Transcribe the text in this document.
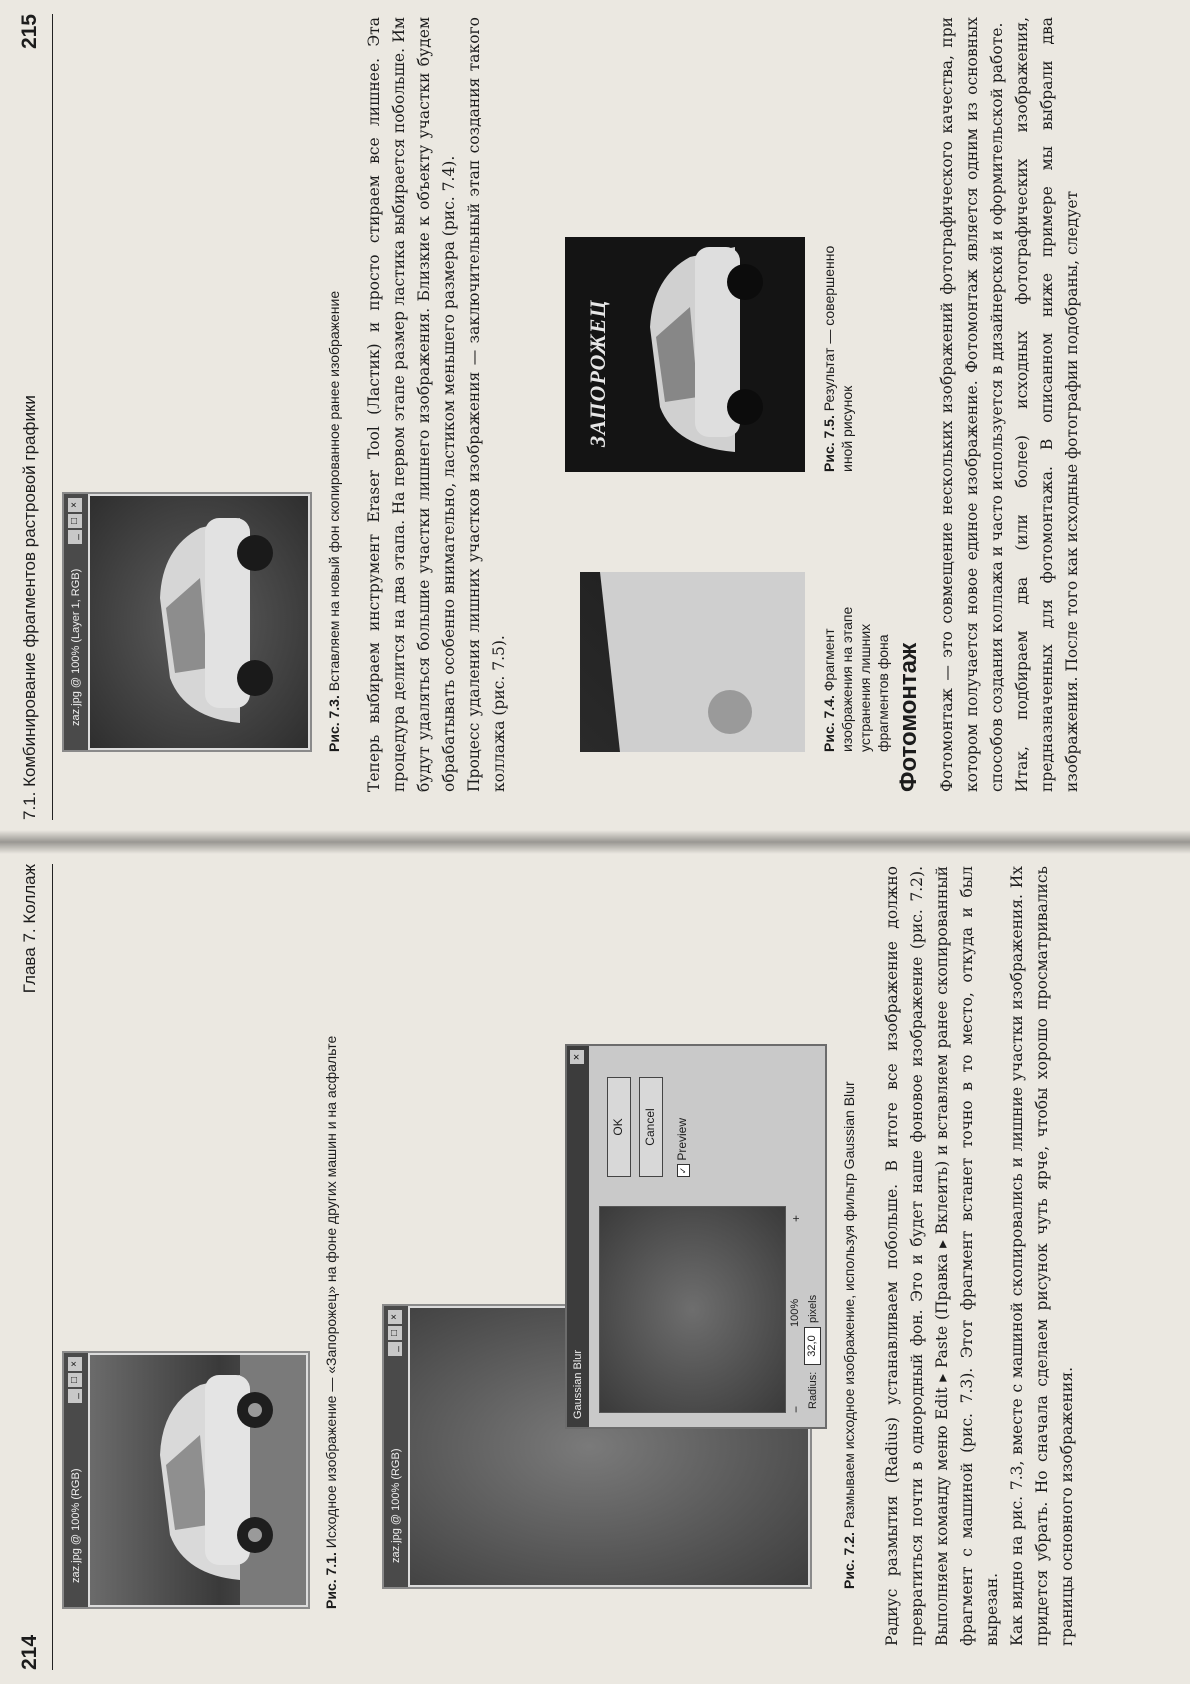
214
Глава 7. Коллаж
zaz.jpg @ 100% (RGB)
_
□
×
Рис. 7.1. Исходное изображение — «Запорожец» на фоне других машин и на асфальте	zaz.jpg @ 100% (RGB)
_
□
×
Gaussian Blur
×
−
100%
+
Radius:
32,0
pixels
OK	Cancel
✓ Preview
Рис. 7.2. Размываем исходное изображение, используя фильтр Gaussian Blur Радиус размытия (Radius) устанавливаем побольше. В итоге все изображение должно превратиться почти в однородный фон. Это и будет наше фоновое изображение (рис. 7.2). Выполняем команду меню Edit ▸ Paste (Правка ▸ Вклеить) и вставляем ранее скопированный фрагмент с машиной (рис. 7.3). Этот фрагмент встанет точно в то место, откуда и был вырезан. Как видно на рис. 7.3, вместе с машиной скопировались и лишние участки изображения. Их придется убрать. Но сначала сделаем рисунок чуть ярче, чтобы хорошо просматривались границы основного изображения.

7.1. Комбинирование фрагментов растровой графики
215
zaz.jpg @ 100% (Layer 1, RGB)
_
□
×
Рис. 7.3. Вставляем на новый фон скопированное ранее изображение Теперь выбираем инструмент Eraser Tool (Ластик) и просто стираем все лишнее. Эта процедура делится на два этапа. На первом этапе размер ластика выбирается побольше. Им будут удаляться большие участки лишнего изображения. Близкие к объекту участки будем обрабатывать особенно внимательно, ластиком меньшего размера (рис. 7.4). Процесс удаления лишних участков изображения — заключительный этап создания такого коллажа (рис. 7.5).	Рис. 7.4. Фрагмент изображения на этапе устранения лишних фрагментов фона
ЗАПОРОЖЕЦ	Рис. 7.5. Результат — совершенно иной рисунок
Фотомонтаж Фотомонтаж — это совмещение нескольких изображений фотографического качества, при котором получается новое единое изображение. Фотомонтаж является одним из основных способов создания коллажа и часто используется в дизайнерской и оформительской работе. Итак, подбираем два (или более) исходных фотографических изображения, предназначенных для фотомонтажа. В описанном ниже примере мы выбрали два изображения. После того как исходные фотографии подобраны, следует
